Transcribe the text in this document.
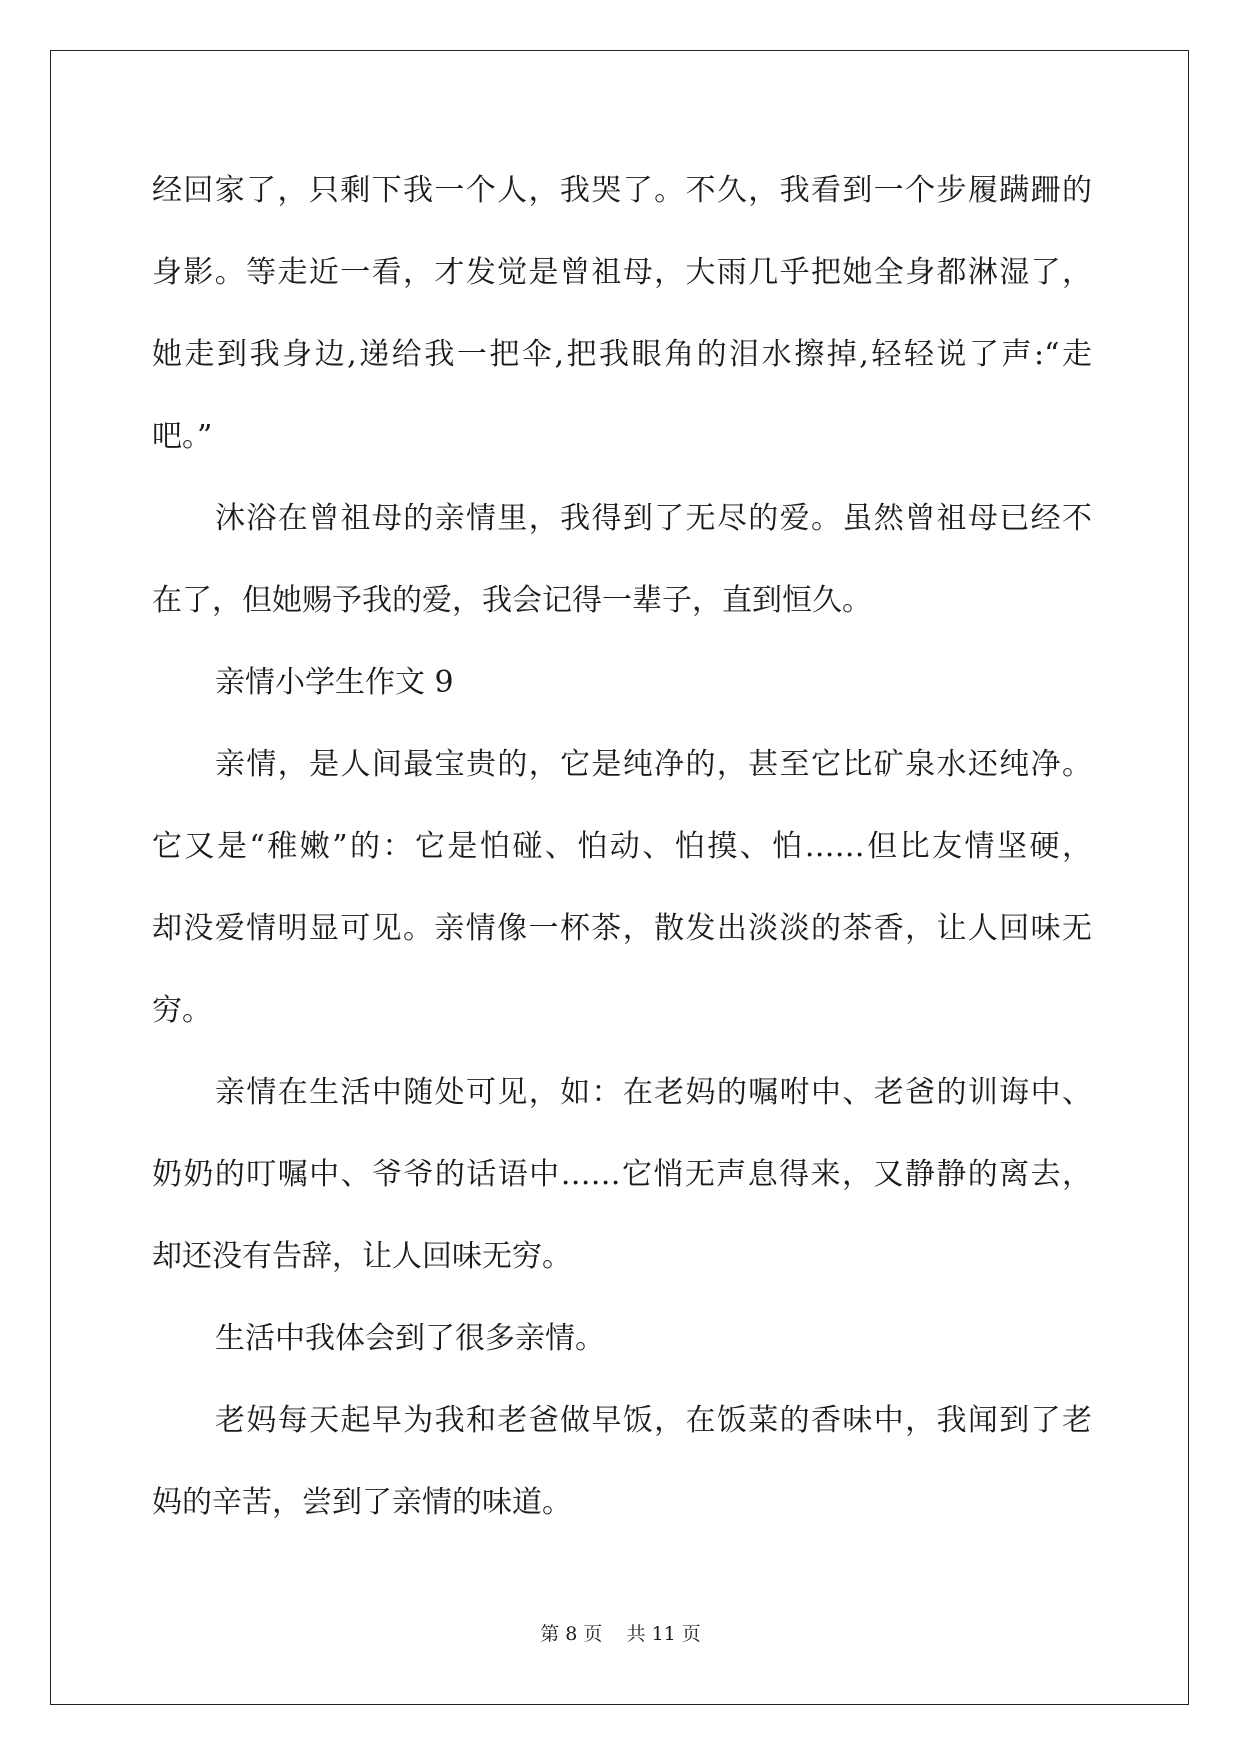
经回家了，只剩下我一个人，我哭了。不久，我看到一个步履蹒跚的
身影。等走近一看，才发觉是曾祖母，大雨几乎把她全身都淋湿了，
她走到我身边,递给我一把伞,把我眼角的泪水擦掉,轻轻说了声:“走
吧。”
沐浴在曾祖母的亲情里，我得到了无尽的爱。虽然曾祖母已经不
在了，但她赐予我的爱，我会记得一辈子，直到恒久。
亲情小学生作文 9
亲情，是人间最宝贵的，它是纯净的，甚至它比矿泉水还纯净。
它又是“稚嫩”的：它是怕碰、怕动、怕摸、怕……但比友情坚硬，
却没爱情明显可见。亲情像一杯茶，散发出淡淡的茶香，让人回味无
穷。
亲情在生活中随处可见，如：在老妈的嘱咐中、老爸的训诲中、
奶奶的叮嘱中、爷爷的话语中……它悄无声息得来，又静静的离去，
却还没有告辞，让人回味无穷。
生活中我体会到了很多亲情。
老妈每天起早为我和老爸做早饭，在饭菜的香味中，我闻到了老
妈的辛苦，尝到了亲情的味道。
第 8 页 共 11 页
